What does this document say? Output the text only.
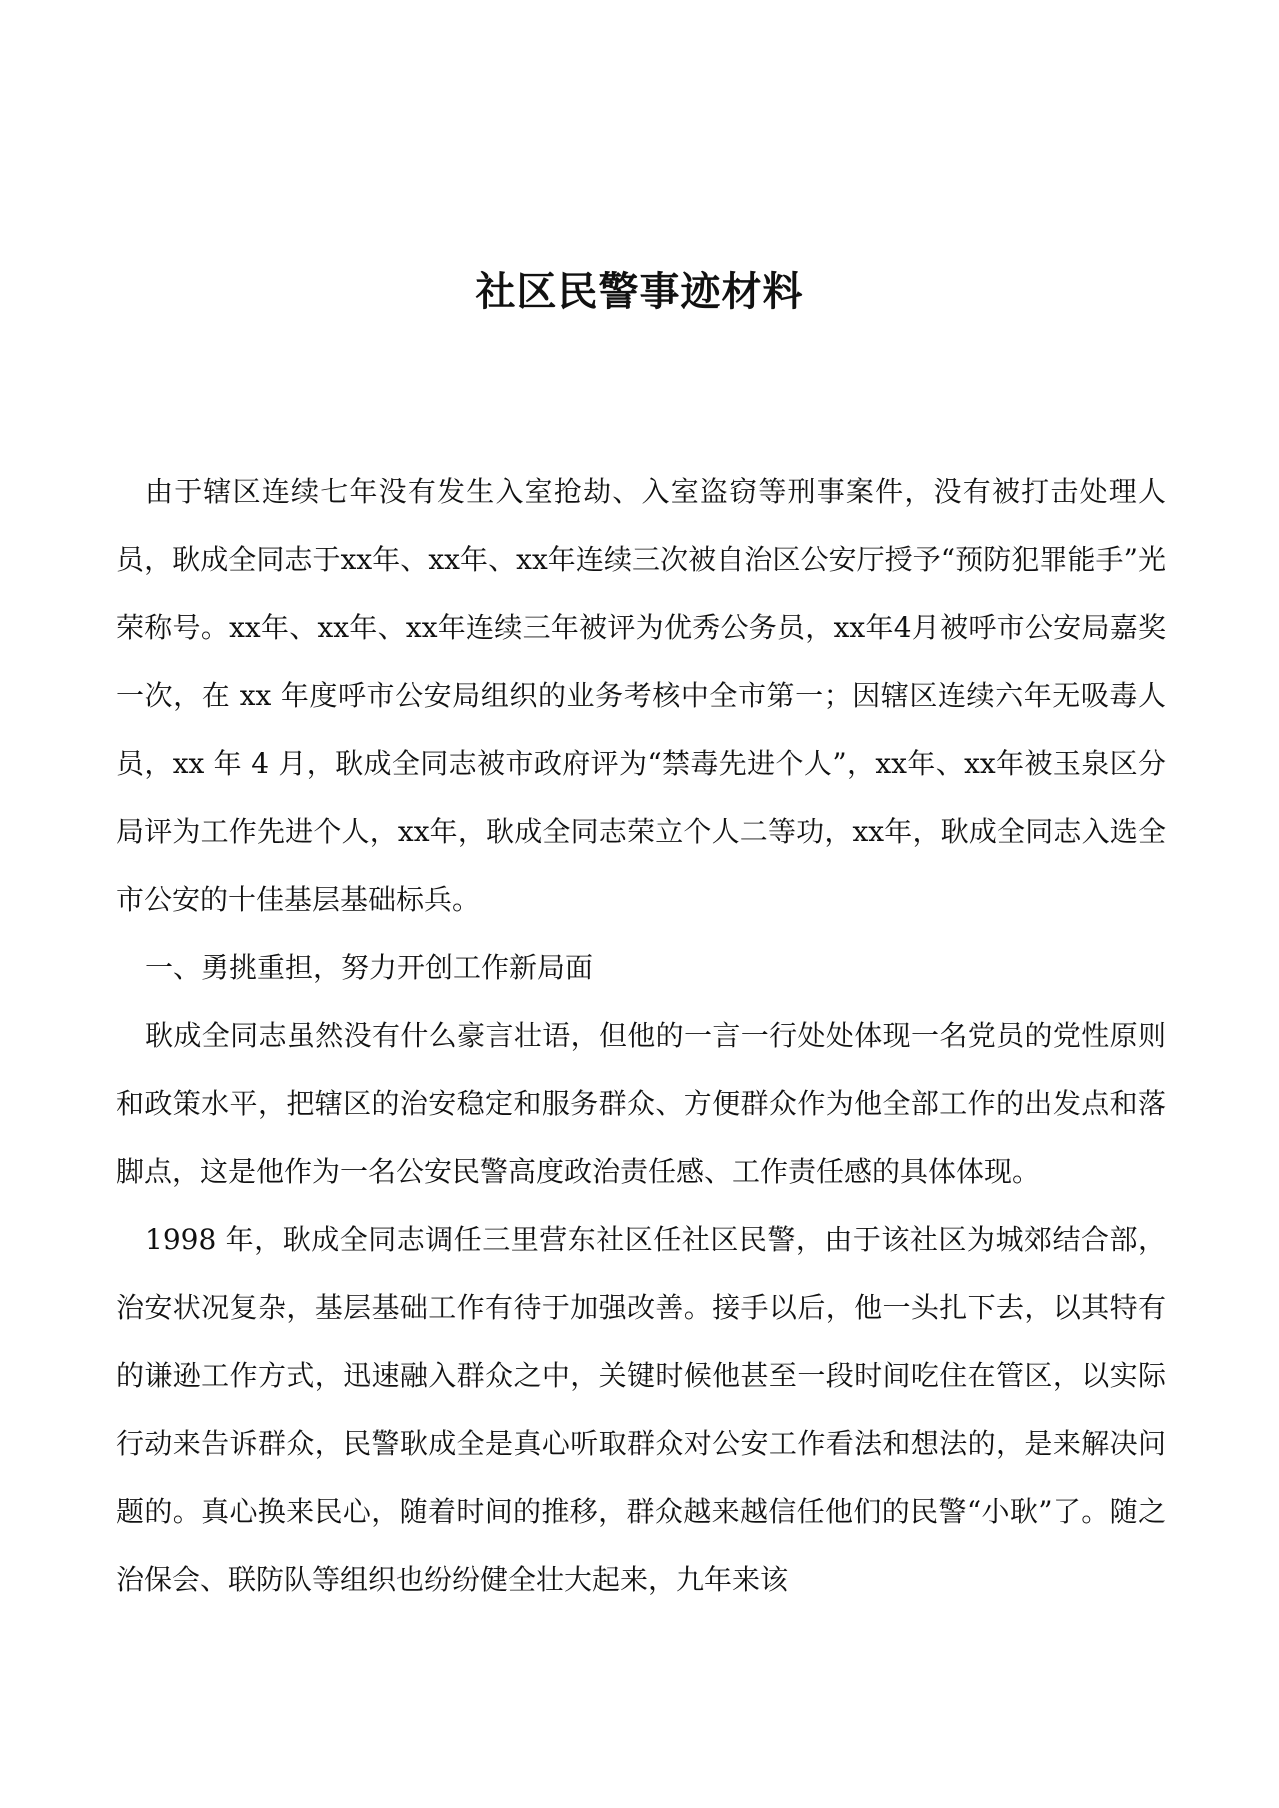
社区民警事迹材料

由于辖区连续七年没有发生入室抢劫、入室盗窃等刑事案件，没有被打击处理人员，耿成全同志于xx年、xx年、xx年连续三次被自治区公安厅授予“预防犯罪能手”光荣称号。xx年、xx年、xx年连续三年被评为优秀公务员，xx年4月被呼市公安局嘉奖一次，在 xx 年度呼市公安局组织的业务考核中全市第一；因辖区连续六年无吸毒人员，xx 年 4 月，耿成全同志被市政府评为“禁毒先进个人”，xx年、xx年被玉泉区分局评为工作先进个人，xx年，耿成全同志荣立个人二等功，xx年，耿成全同志入选全市公安的十佳基层基础标兵。

一、勇挑重担，努力开创工作新局面

耿成全同志虽然没有什么豪言壮语，但他的一言一行处处体现一名党员的党性原则和政策水平，把辖区的治安稳定和服务群众、方便群众作为他全部工作的出发点和落脚点，这是他作为一名公安民警高度政治责任感、工作责任感的具体体现。

1998 年，耿成全同志调任三里营东社区任社区民警，由于该社区为城郊结合部，治安状况复杂，基层基础工作有待于加强改善。接手以后，他一头扎下去，以其特有的谦逊工作方式，迅速融入群众之中，关键时候他甚至一段时间吃住在管区，以实际行动来告诉群众，民警耿成全是真心听取群众对公安工作看法和想法的，是来解决问题的。真心换来民心，随着时间的推移，群众越来越信任他们的民警“小耿”了。随之治保会、联防队等组织也纷纷健全壮大起来，九年来该
